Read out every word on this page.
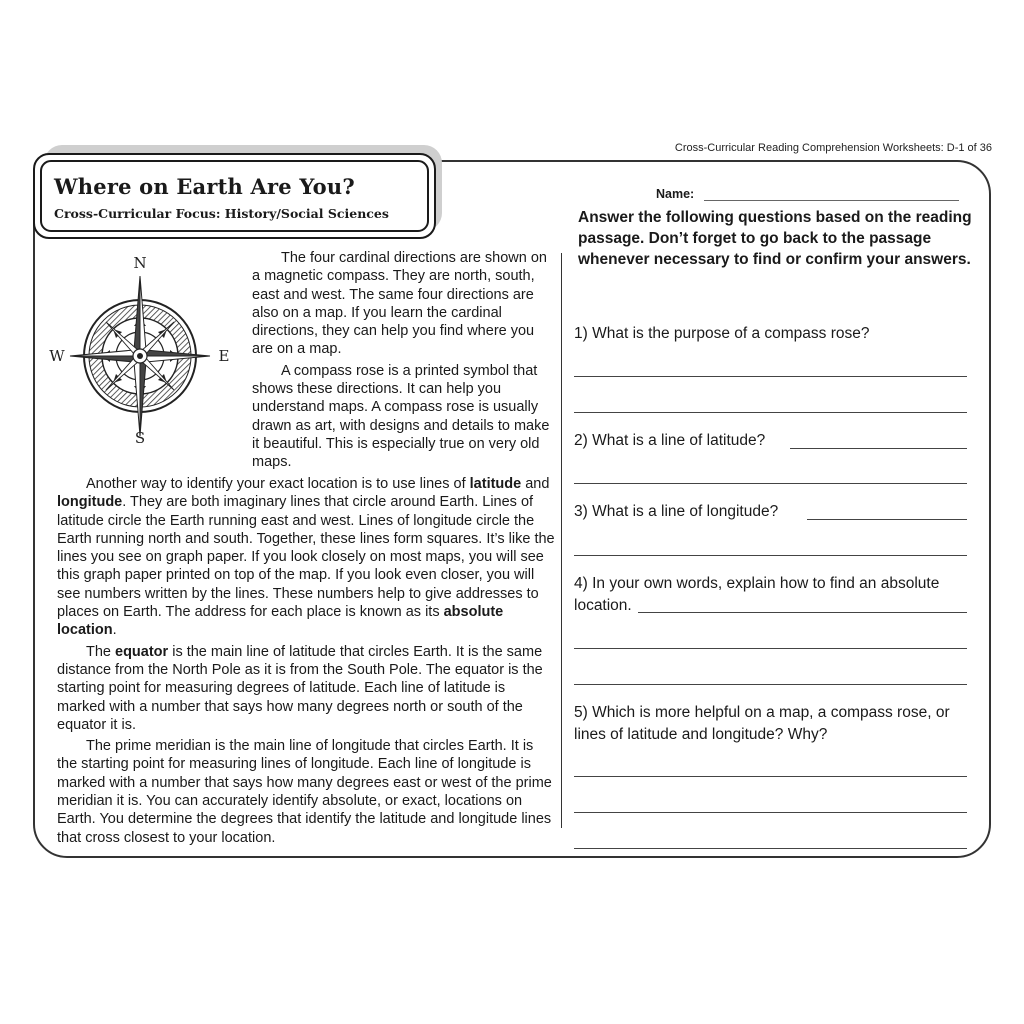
Cross-Curricular Reading Comprehension Worksheets: D-1 of 36
Where on Earth Are You?
Cross-Curricular Focus: History/Social Sciences
N
S
E
W

The four cardinal directions are shown on a magnetic compass. They are north, south, east and west. The same four directions are also on a map. If you learn the cardinal directions, they can help you find where you are on a map.

A compass rose is a printed symbol that shows these directions. It can help you understand maps. A compass rose is usually drawn as art, with designs and details to make it beautiful. This is especially true on very old maps.

Another way to identify your exact location is to use lines of latitude and longitude. They are both imaginary lines that circle around Earth. Lines of latitude circle the Earth running east and west. Lines of longitude circle the Earth running north and south. Together, these lines form squares. It’s like the lines you see on graph paper. If you look closely on most maps, you will see this graph paper printed on top of the map. If you look even closer, you will see numbers written by the lines. These numbers help to give addresses to places on Earth. The address for each place is known as its absolute location.

The equator is the main line of latitude that circles Earth. It is the same distance from the North Pole as it is from the South Pole. The equator is the starting point for measuring degrees of latitude. Each line of latitude is marked with a number that says how many degrees north or south of the equator it is.

The prime meridian is the main line of longitude that circles Earth. It is the starting point for measuring lines of longitude. Each line of longitude is marked with a number that says how many degrees east or west of the prime meridian it is. You can accurately identify absolute, or exact, locations on Earth. You determine the degrees that identify the latitude and longitude lines that cross closest to your location.

Name:
Answer the following questions based on the reading passage. Don’t forget to go back to the passage whenever necessary to find or confirm your answers.
1) What is the purpose of a compass rose?
2) What is a line of latitude?
3) What is a line of longitude?
4) In your own words, explain how to find an absolute
location.
5) Which is more helpful on a map, a compass rose, or lines of latitude and longitude? Why?
